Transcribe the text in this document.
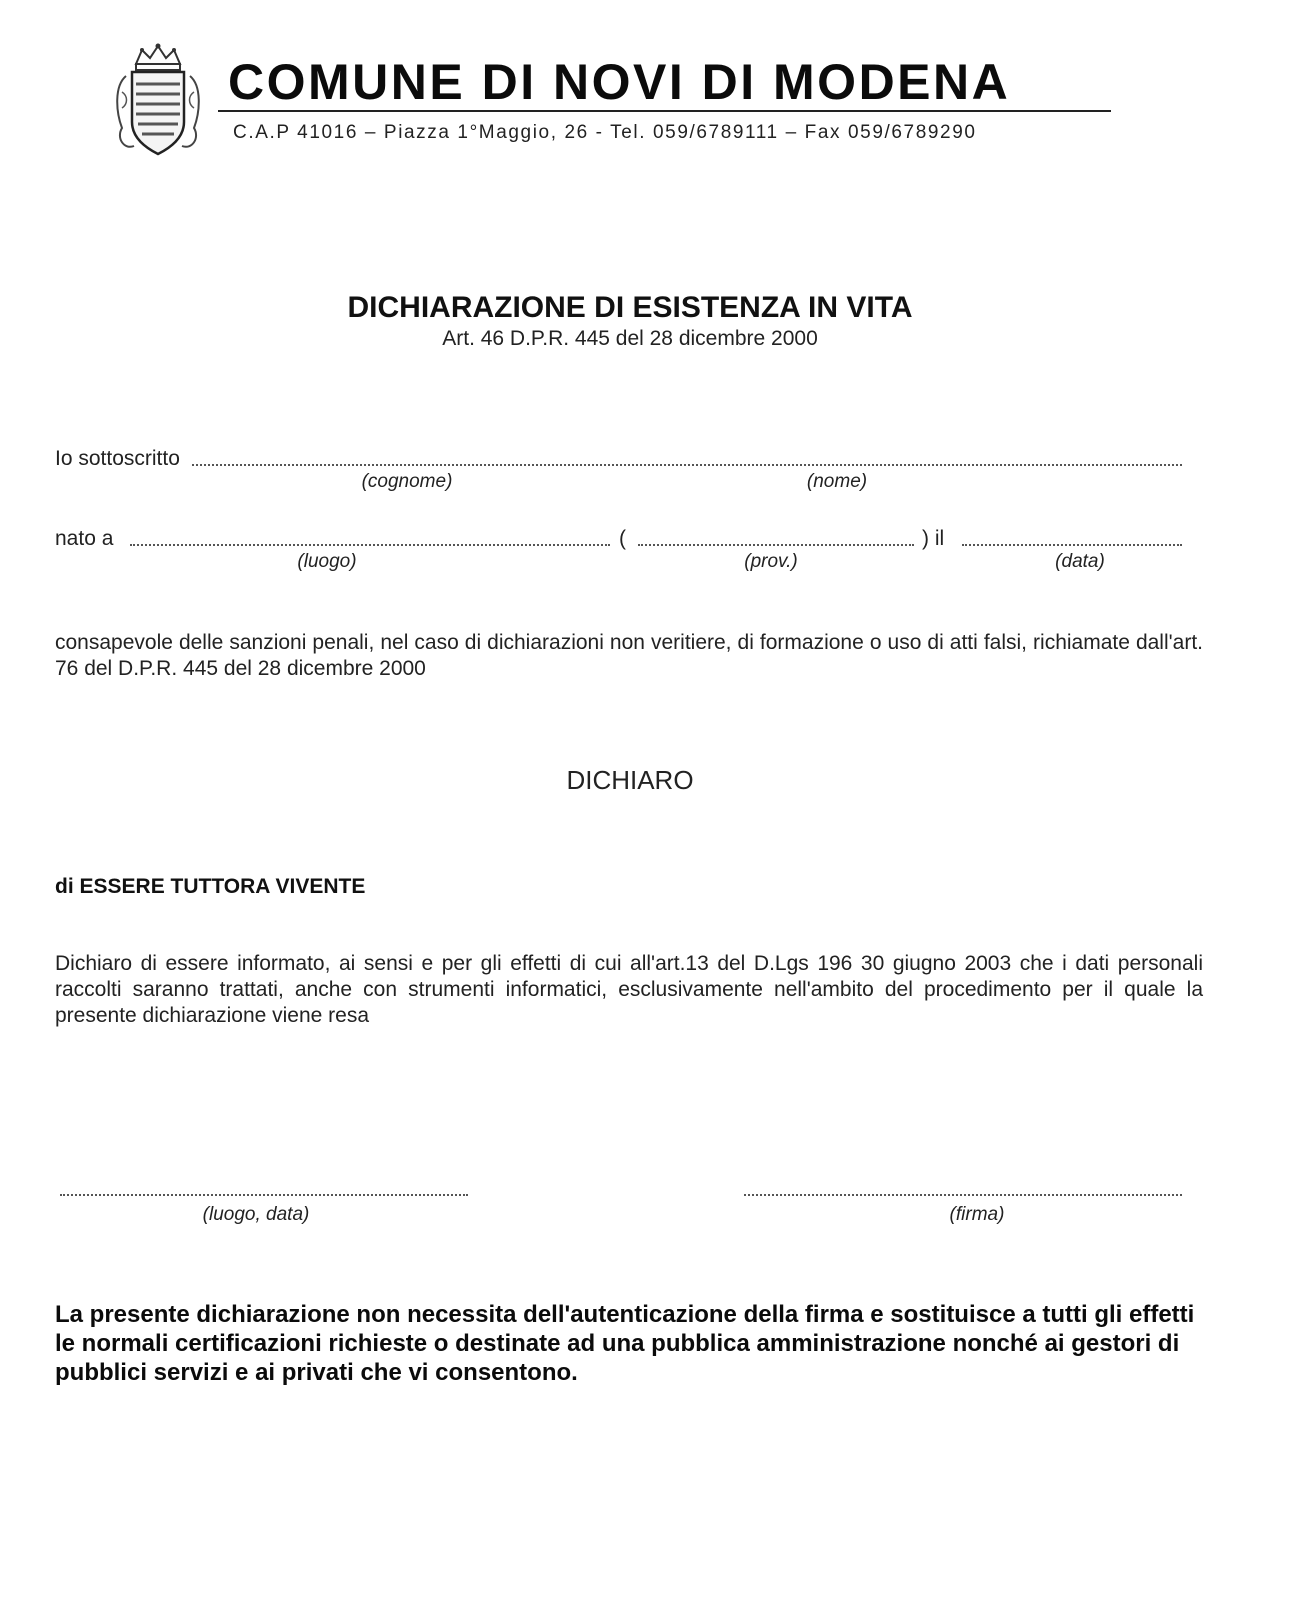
COMUNE DI NOVI DI MODENA
C.A.P 41016 – Piazza 1°Maggio, 26 - Tel. 059/6789111 – Fax 059/6789290
DICHIARAZIONE DI ESISTENZA IN VITA
Art. 46 D.P.R. 445 del 28 dicembre 2000
Io sottoscritto
(cognome)	(nome)
nato a	(	) il
(luogo)	(prov.)	(data)
consapevole delle sanzioni penali, nel caso di dichiarazioni non veritiere, di formazione o uso di atti falsi, richiamate dall'art. 76 del D.P.R. 445 del 28 dicembre 2000
DICHIARO
di ESSERE TUTTORA VIVENTE
Dichiaro di essere informato, ai sensi e per gli effetti di cui all'art.13 del D.Lgs 196 30 giugno 2003 che i dati personali raccolti saranno trattati, anche con strumenti informatici, esclusivamente nell'ambito del procedimento per il quale la presente dichiarazione viene resa
(luogo, data)	(firma)
La presente dichiarazione non necessita dell'autenticazione della firma e sostituisce a tutti gli effetti le normali certificazioni richieste o destinate ad una pubblica amministrazione nonché ai gestori di pubblici servizi e ai privati che vi consentono.
